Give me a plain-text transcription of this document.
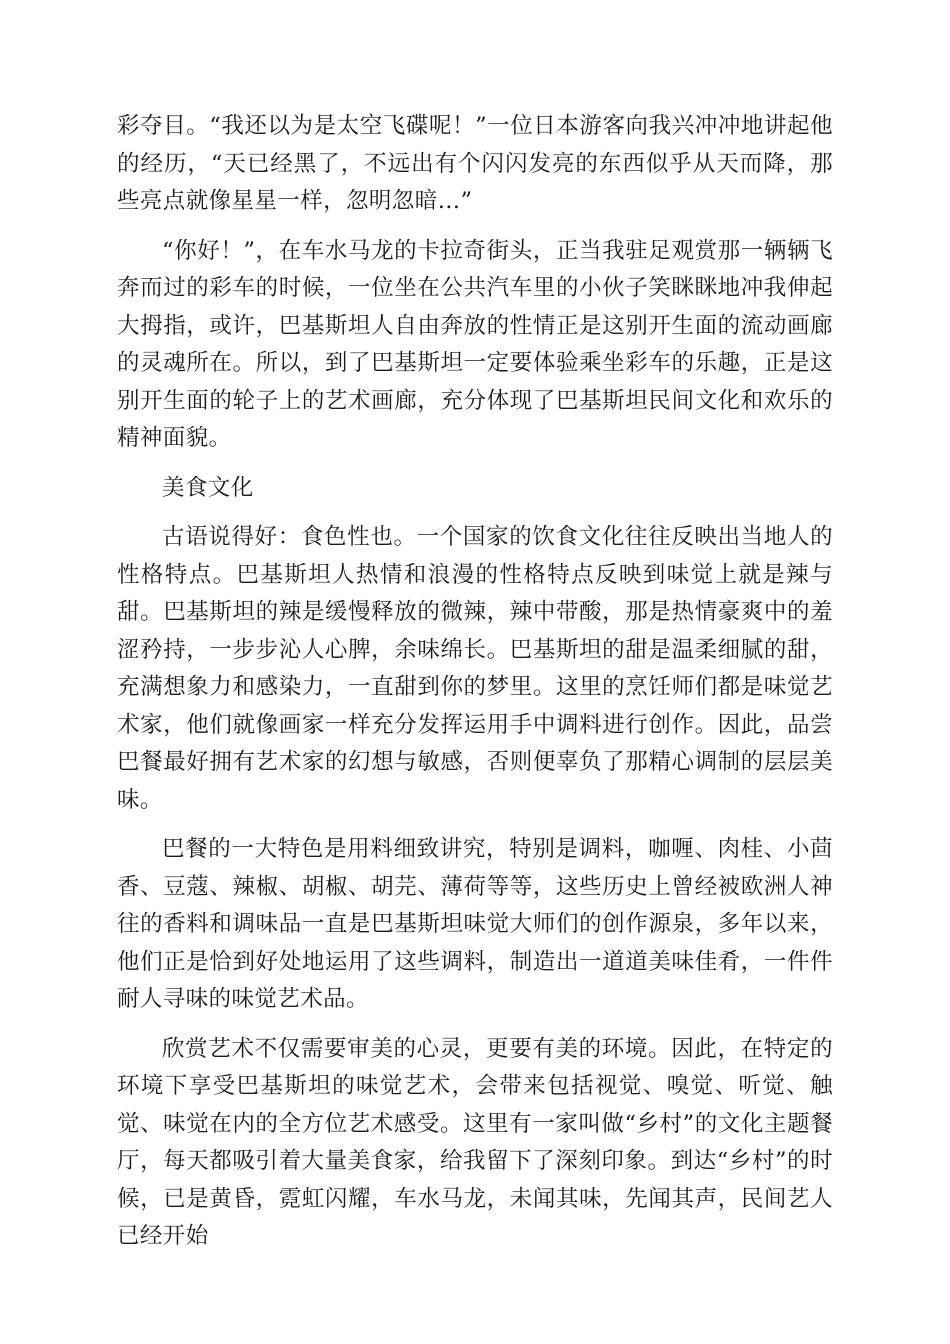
彩夺目。“我还以为是太空飞碟呢！”一位日本游客向我兴冲冲地讲起他的经历，“天已经黑了，不远出有个闪闪发亮的东西似乎从天而降，那些亮点就像星星一样，忽明忽暗…”

“你好！”，在车水马龙的卡拉奇街头，正当我驻足观赏那一辆辆飞奔而过的彩车的时候，一位坐在公共汽车里的小伙子笑眯眯地冲我伸起大拇指，或许，巴基斯坦人自由奔放的性情正是这别开生面的流动画廊的灵魂所在。所以，到了巴基斯坦一定要体验乘坐彩车的乐趣，正是这别开生面的轮子上的艺术画廊，充分体现了巴基斯坦民间文化和欢乐的精神面貌。

美食文化

古语说得好：食色性也。一个国家的饮食文化往往反映出当地人的性格特点。巴基斯坦人热情和浪漫的性格特点反映到味觉上就是辣与甜。巴基斯坦的辣是缓慢释放的微辣，辣中带酸，那是热情豪爽中的羞涩矜持，一步步沁人心脾，余味绵长。巴基斯坦的甜是温柔细腻的甜，充满想象力和感染力，一直甜到你的梦里。这里的烹饪师们都是味觉艺术家，他们就像画家一样充分发挥运用手中调料进行创作。因此，品尝巴餐最好拥有艺术家的幻想与敏感，否则便辜负了那精心调制的层层美味。

巴餐的一大特色是用料细致讲究，特别是调料，咖喱、肉桂、小茴香、豆蔻、辣椒、胡椒、胡芫、薄荷等等，这些历史上曾经被欧洲人神往的香料和调味品一直是巴基斯坦味觉大师们的创作源泉，多年以来，他们正是恰到好处地运用了这些调料，制造出一道道美味佳肴，一件件耐人寻味的味觉艺术品。

欣赏艺术不仅需要审美的心灵，更要有美的环境。因此，在特定的环境下享受巴基斯坦的味觉艺术，会带来包括视觉、嗅觉、听觉、触觉、味觉在内的全方位艺术感受。这里有一家叫做“乡村”的文化主题餐厅，每天都吸引着大量美食家，给我留下了深刻印象。到达“乡村”的时候，已是黄昏，霓虹闪耀，车水马龙，未闻其味，先闻其声，民间艺人已经开始
